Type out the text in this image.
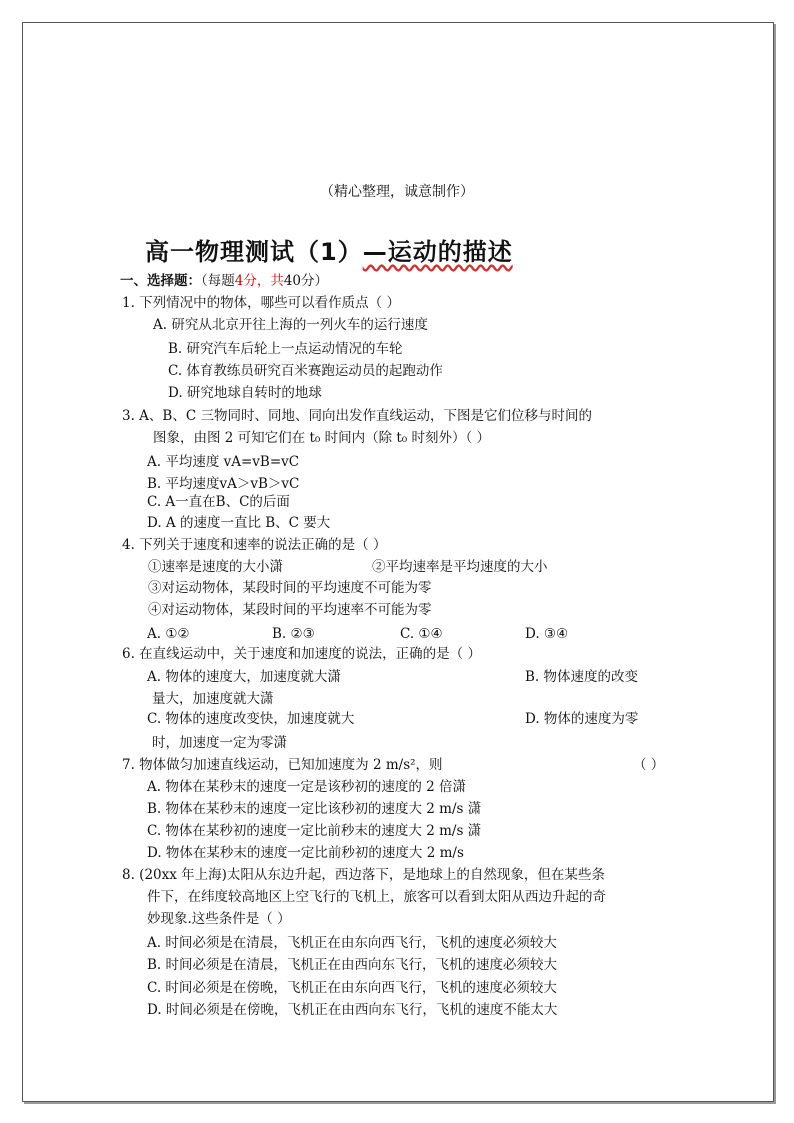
（精心整理，诚意制作）
高一物理测试（1）—运动的描述
一、选择题：（每题4分，共40分）
1. 下列情况中的物体，哪些可以看作质点（ ）
A. 研究从北京开往上海的一列火车的运行速度
B. 研究汽车后轮上一点运动情况的车轮
C. 体育教练员研究百米赛跑运动员的起跑动作
D. 研究地球自转时的地球
3. A、B、C 三物同时、同地、同向出发作直线运动，下图是它们位移与时间的
图象，由图 2 可知它们在 t₀ 时间内（除 t₀ 时刻外）（ ）
A. 平均速度 vA=vB=vC
B. 平均速度vA＞vB＞vC
C. A一直在B、C的后面
D. A 的速度一直比 B、C 要大
4. 下列关于速度和速率的说法正确的是（ ）
①速率是速度的大小潇	②平均速率是平均速度的大小
③对运动物体，某段时间的平均速度不可能为零
④对运动物体，某段时间的平均速率不可能为零
A. ①②	B. ②③	C. ①④	D. ③④
6. 在直线运动中，关于速度和加速度的说法，正确的是（ ）
A. 物体的速度大，加速度就大潇	B. 物体速度的改变
量大，加速度就大潇
C. 物体的速度改变快，加速度就大	D. 物体的速度为零
时，加速度一定为零潇
7. 物体做匀加速直线运动，已知加速度为 2 m/s²，则	（ ）
A. 物体在某秒末的速度一定是该秒初的速度的 2 倍潇
B. 物体在某秒末的速度一定比该秒初的速度大 2 m/s 潇
C. 物体在某秒初的速度一定比前秒末的速度大 2 m/s 潇
D. 物体在某秒末的速度一定比前秒初的速度大 2 m/s
8. (20xx 年上海)太阳从东边升起，西边落下，是地球上的自然现象，但在某些条
件下，在纬度较高地区上空飞行的飞机上，旅客可以看到太阳从西边升起的奇
妙现象.这些条件是（ ）
A. 时间必须是在清晨，飞机正在由东向西飞行，飞机的速度必须较大
B. 时间必须是在清晨，飞机正在由西向东飞行，飞机的速度必须较大
C. 时间必须是在傍晚，飞机正在由东向西飞行，飞机的速度必须较大
D. 时间必须是在傍晚，飞机正在由西向东飞行，飞机的速度不能太大
